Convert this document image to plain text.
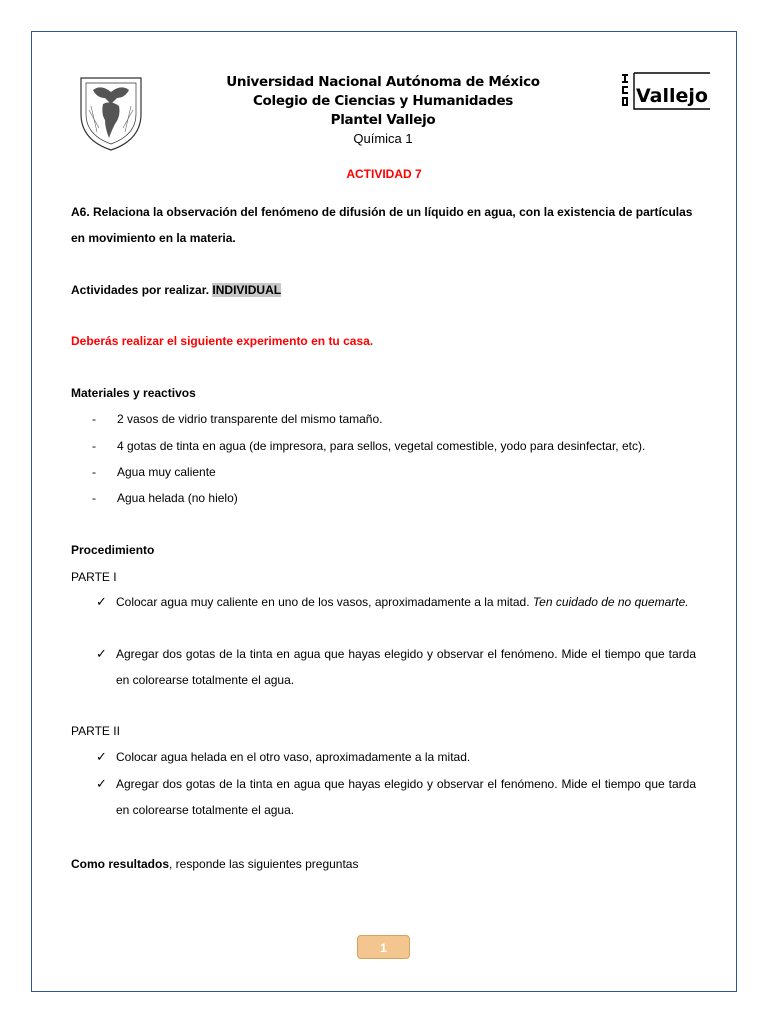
Vallejo
Universidad Nacional Autónoma de México
Colegio de Ciencias y Humanidades
Plantel Vallejo
Química 1
ACTIVIDAD 7
A6. Relaciona la observación del fenómeno de difusión de un líquido en agua, con la existencia de partículas en movimiento en la materia.
Actividades por realizar. INDIVIDUAL
Deberás realizar el siguiente experimento en tu casa.
Materiales y reactivos
- 2 vasos de vidrio transparente del mismo tamaño.
- 4 gotas de tinta en agua (de impresora, para sellos, vegetal comestible, yodo para desinfectar, etc).
- Agua muy caliente
- Agua helada (no hielo)
Procedimiento
PARTE I
✓ Colocar agua muy caliente en uno de los vasos, aproximadamente a la mitad. Ten cuidado de no quemarte.
✓ Agregar dos gotas de la tinta en agua que hayas elegido y observar el fenómeno. Mide el tiempo que tarda en colorearse totalmente el agua.
PARTE II
✓ Colocar agua helada en el otro vaso, aproximadamente a la mitad.
✓ Agregar dos gotas de la tinta en agua que hayas elegido y observar el fenómeno. Mide el tiempo que tarda en colorearse totalmente el agua.
Como resultados, responde las siguientes preguntas
1
